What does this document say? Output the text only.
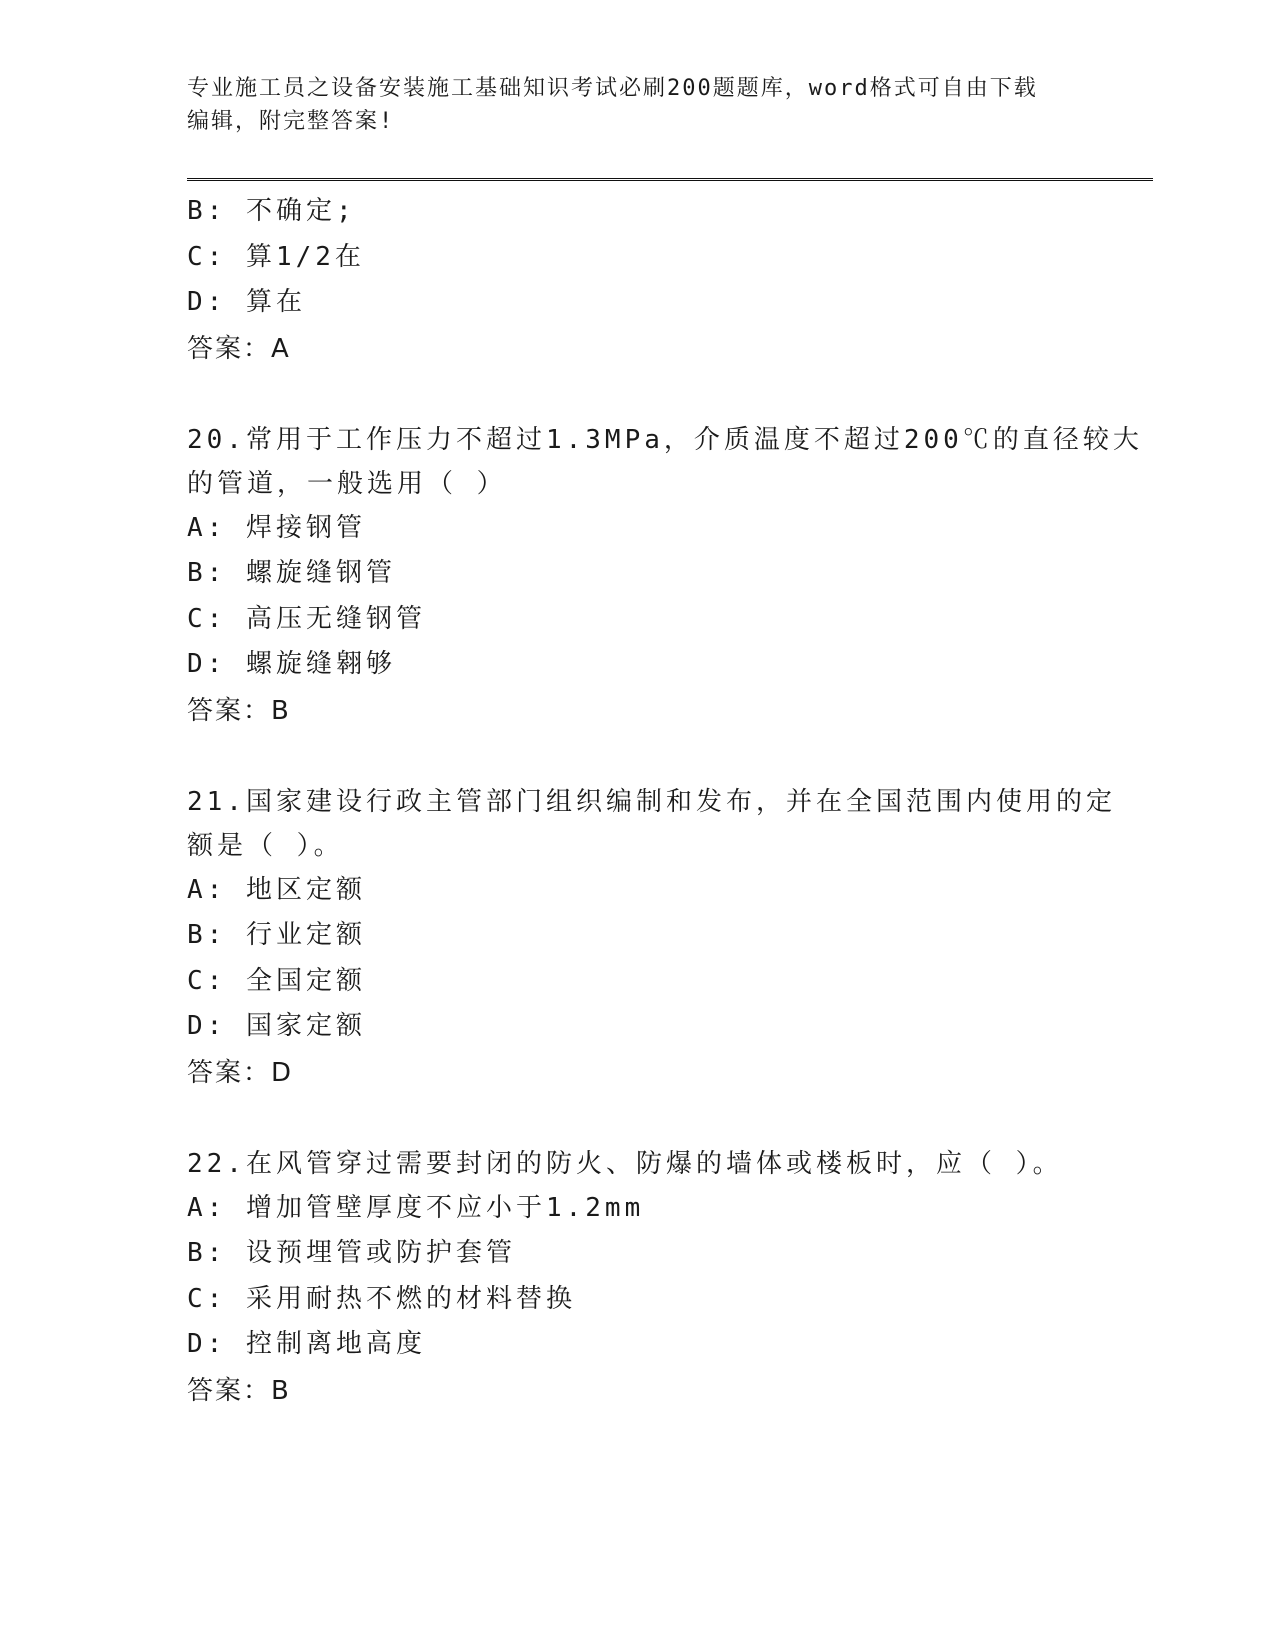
专业施工员之设备安装施工基础知识考试必刷200题题库，word格式可自由下载
编辑，附完整答案!
B: 不确定;
C: 算1/2在
D: 算在
答案：A
20.常用于工作压力不超过1.3MPa，介质温度不超过200℃的直径较大
的管道，一般选用（ ）
A: 焊接钢管
B: 螺旋缝钢管
C: 高压无缝钢管
D: 螺旋缝翱够
答案：B
21.国家建设行政主管部门组织编制和发布，并在全国范围内使用的定
额是（ ）。
A: 地区定额
B: 行业定额
C: 全国定额
D: 国家定额
答案：D
22.在风管穿过需要封闭的防火、防爆的墙体或楼板时，应（ ）。
A: 增加管壁厚度不应小于1.2mm
B: 设预埋管或防护套管
C: 采用耐热不燃的材料替换
D: 控制离地高度
答案：B
